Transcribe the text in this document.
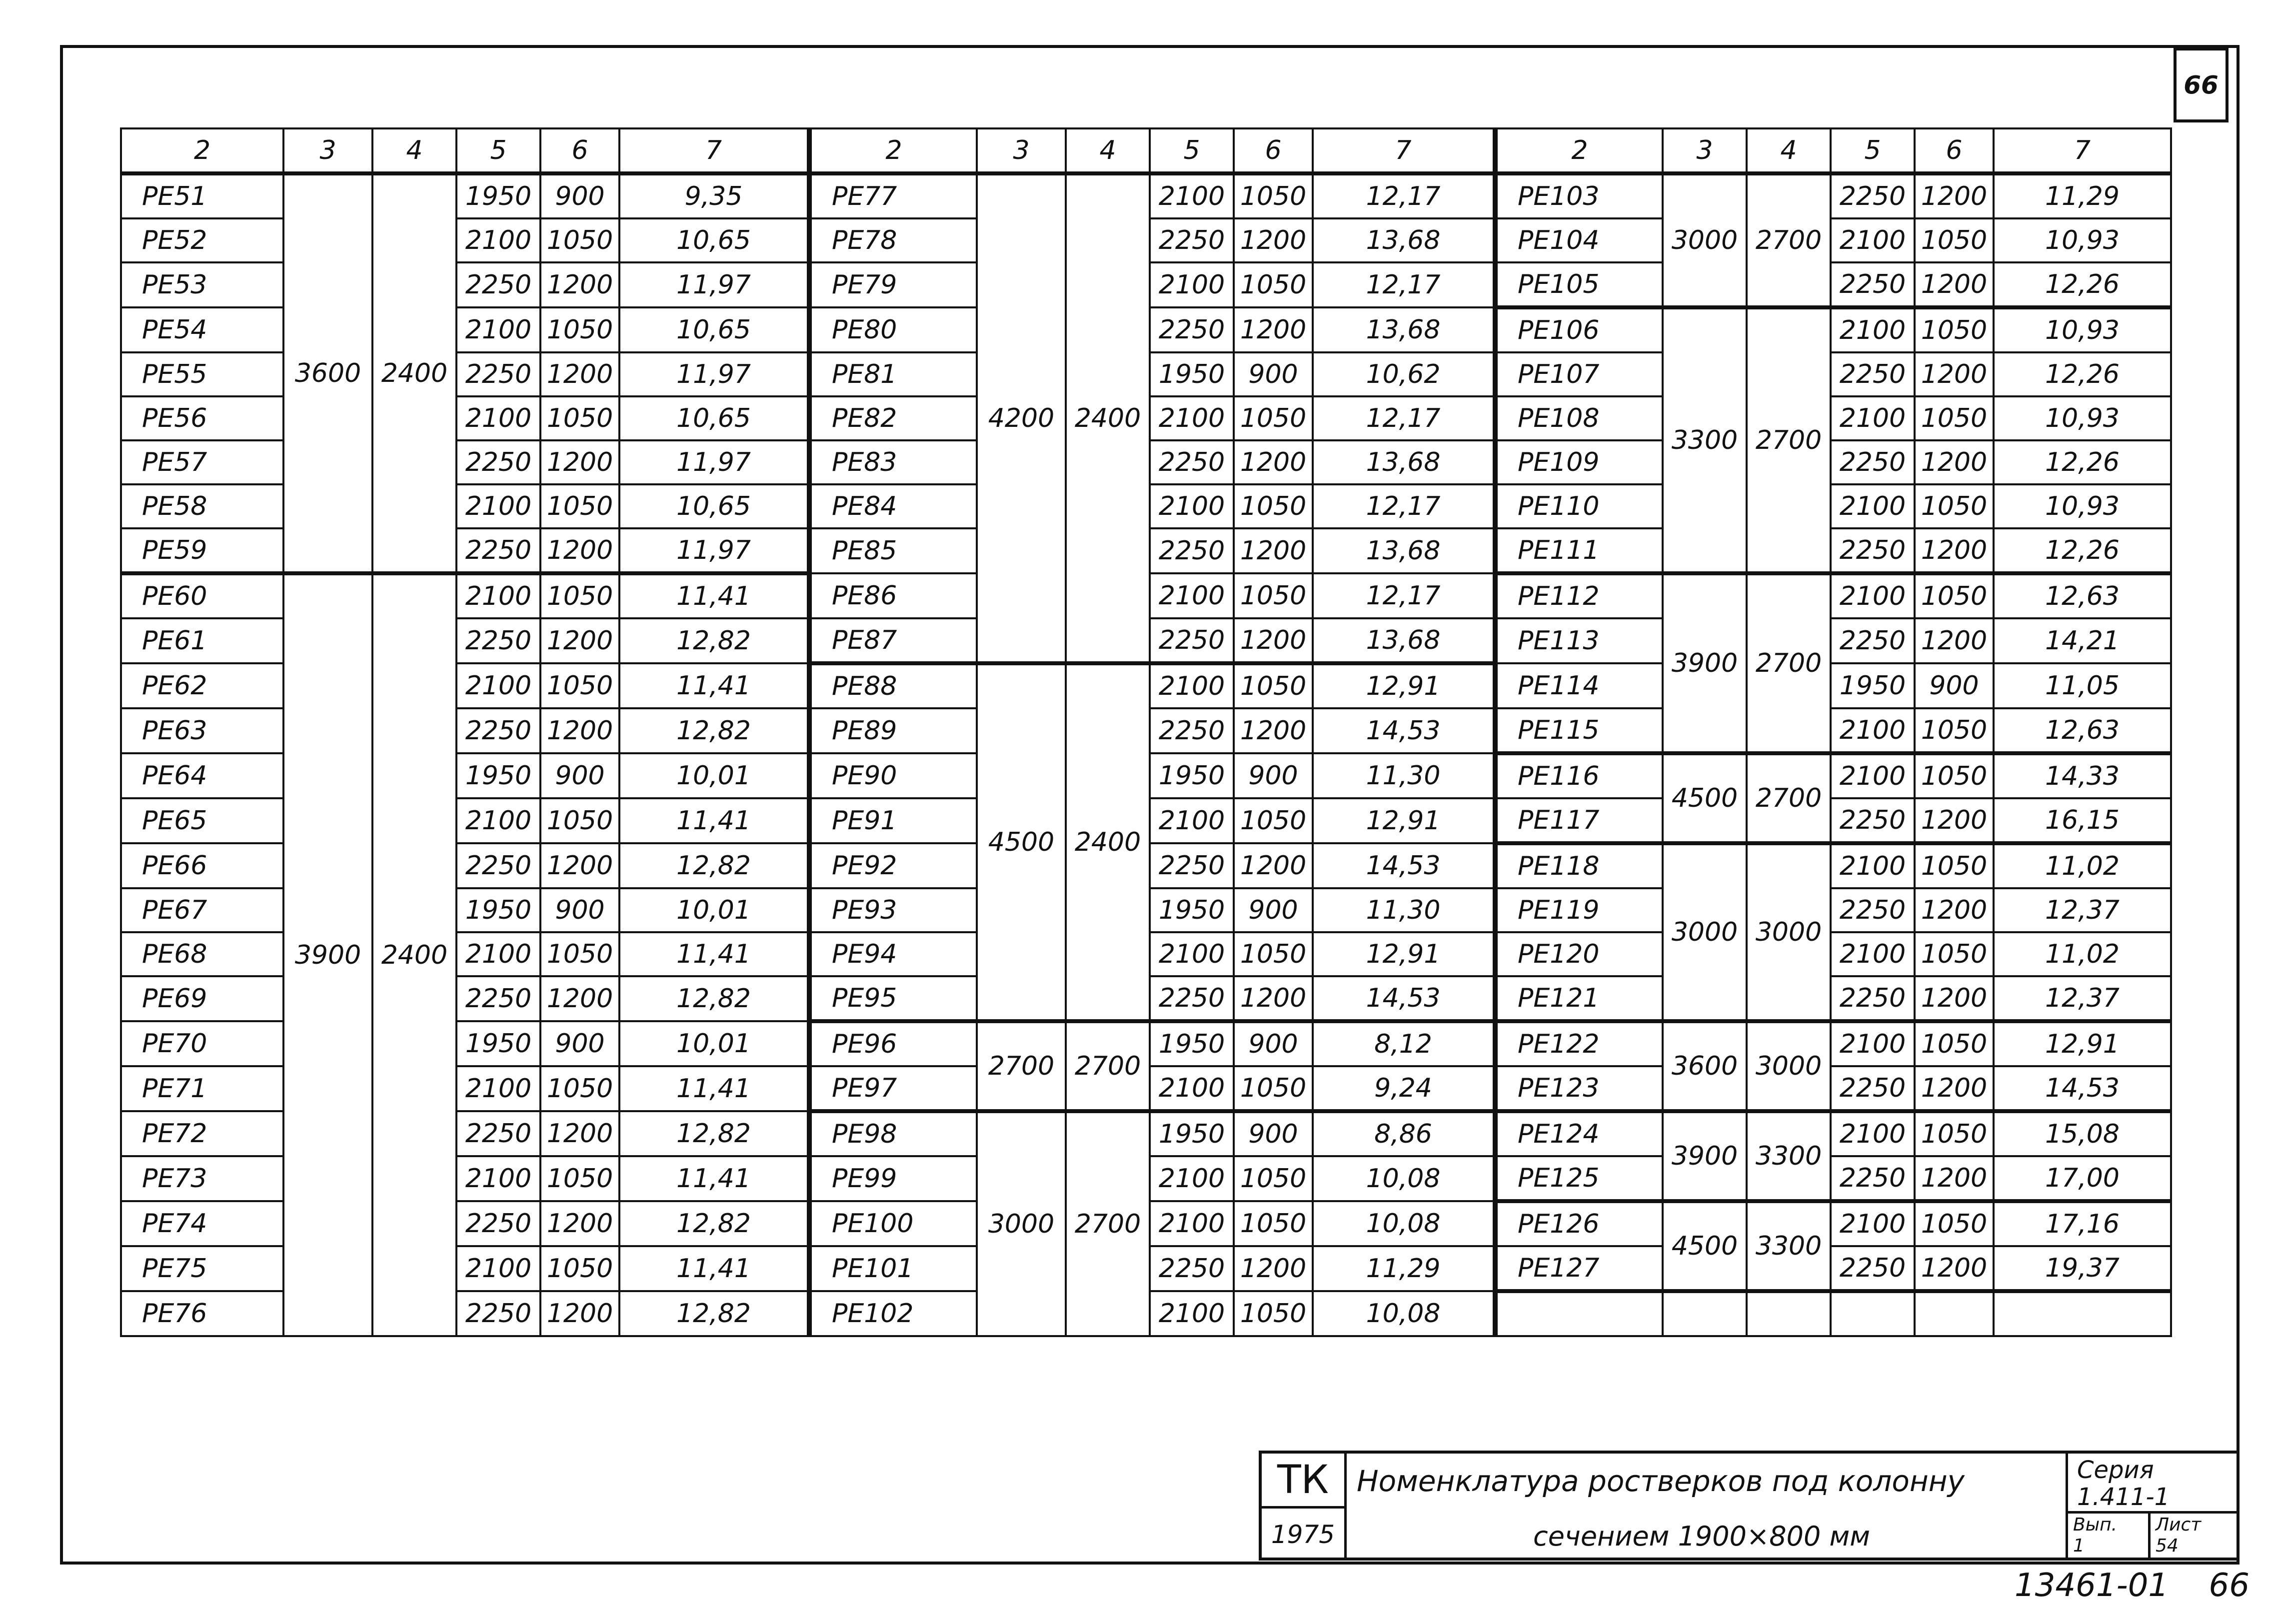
66
2	3	4	5	6	7	2	3	4	5	6	7	2	3	4	5	6	7
РЕ51	3600	2400	1950	900	9,35	РЕ77	4200	2400	2100	1050	12,17	РЕ103	3000	2700	2250	1200	11,29
РЕ52			2100	1050	10,65	РЕ78			2250	1200	13,68	РЕ104			2100	1050	10,93
РЕ53			2250	1200	11,97	РЕ79			2100	1050	12,17	РЕ105			2250	1200	12,26
РЕ54			2100	1050	10,65	РЕ80			2250	1200	13,68	РЕ106	3300	2700	2100	1050	10,93
РЕ55			2250	1200	11,97	РЕ81			1950	900	10,62	РЕ107			2250	1200	12,26
РЕ56			2100	1050	10,65	РЕ82			2100	1050	12,17	РЕ108			2100	1050	10,93
РЕ57			2250	1200	11,97	РЕ83			2250	1200	13,68	РЕ109			2250	1200	12,26
РЕ58			2100	1050	10,65	РЕ84			2100	1050	12,17	РЕ110			2100	1050	10,93
РЕ59			2250	1200	11,97	РЕ85			2250	1200	13,68	РЕ111			2250	1200	12,26
РЕ60	3900	2400	2100	1050	11,41	РЕ86			2100	1050	12,17	РЕ112	3900	2700	2100	1050	12,63
РЕ61			2250	1200	12,82	РЕ87			2250	1200	13,68	РЕ113			2250	1200	14,21
РЕ62			2100	1050	11,41	РЕ88	4500	2400	2100	1050	12,91	РЕ114			1950	900	11,05
РЕ63			2250	1200	12,82	РЕ89			2250	1200	14,53	РЕ115			2100	1050	12,63
РЕ64			1950	900	10,01	РЕ90			1950	900	11,30	РЕ116	4500	2700	2100	1050	14,33
РЕ65			2100	1050	11,41	РЕ91			2100	1050	12,91	РЕ117			2250	1200	16,15
РЕ66			2250	1200	12,82	РЕ92			2250	1200	14,53	РЕ118	3000	3000	2100	1050	11,02
РЕ67			1950	900	10,01	РЕ93			1950	900	11,30	РЕ119			2250	1200	12,37
РЕ68			2100	1050	11,41	РЕ94			2100	1050	12,91	РЕ120			2100	1050	11,02
РЕ69			2250	1200	12,82	РЕ95			2250	1200	14,53	РЕ121			2250	1200	12,37
РЕ70			1950	900	10,01	РЕ96	2700	2700	1950	900	8,12	РЕ122	3600	3000	2100	1050	12,91
РЕ71			2100	1050	11,41	РЕ97			2100	1050	9,24	РЕ123			2250	1200	14,53
РЕ72			2250	1200	12,82	РЕ98	3000	2700	1950	900	8,86	РЕ124	3900	3300	2100	1050	15,08
РЕ73			2100	1050	11,41	РЕ99			2100	1050	10,08	РЕ125			2250	1200	17,00
РЕ74			2250	1200	12,82	РЕ100			2100	1050	10,08	РЕ126	4500	3300	2100	1050	17,16
РЕ75			2100	1050	11,41	РЕ101			2250	1200	11,29	РЕ127			2250	1200	19,37
РЕ76			2250	1200	12,82	РЕ102			2100	1050	10,08						
ТК
1975
Номенклатура ростверков под колонну
сечением 1900×800 мм
Серия
1.411-1
Вып.
1
Лист
54
13461-01 66
